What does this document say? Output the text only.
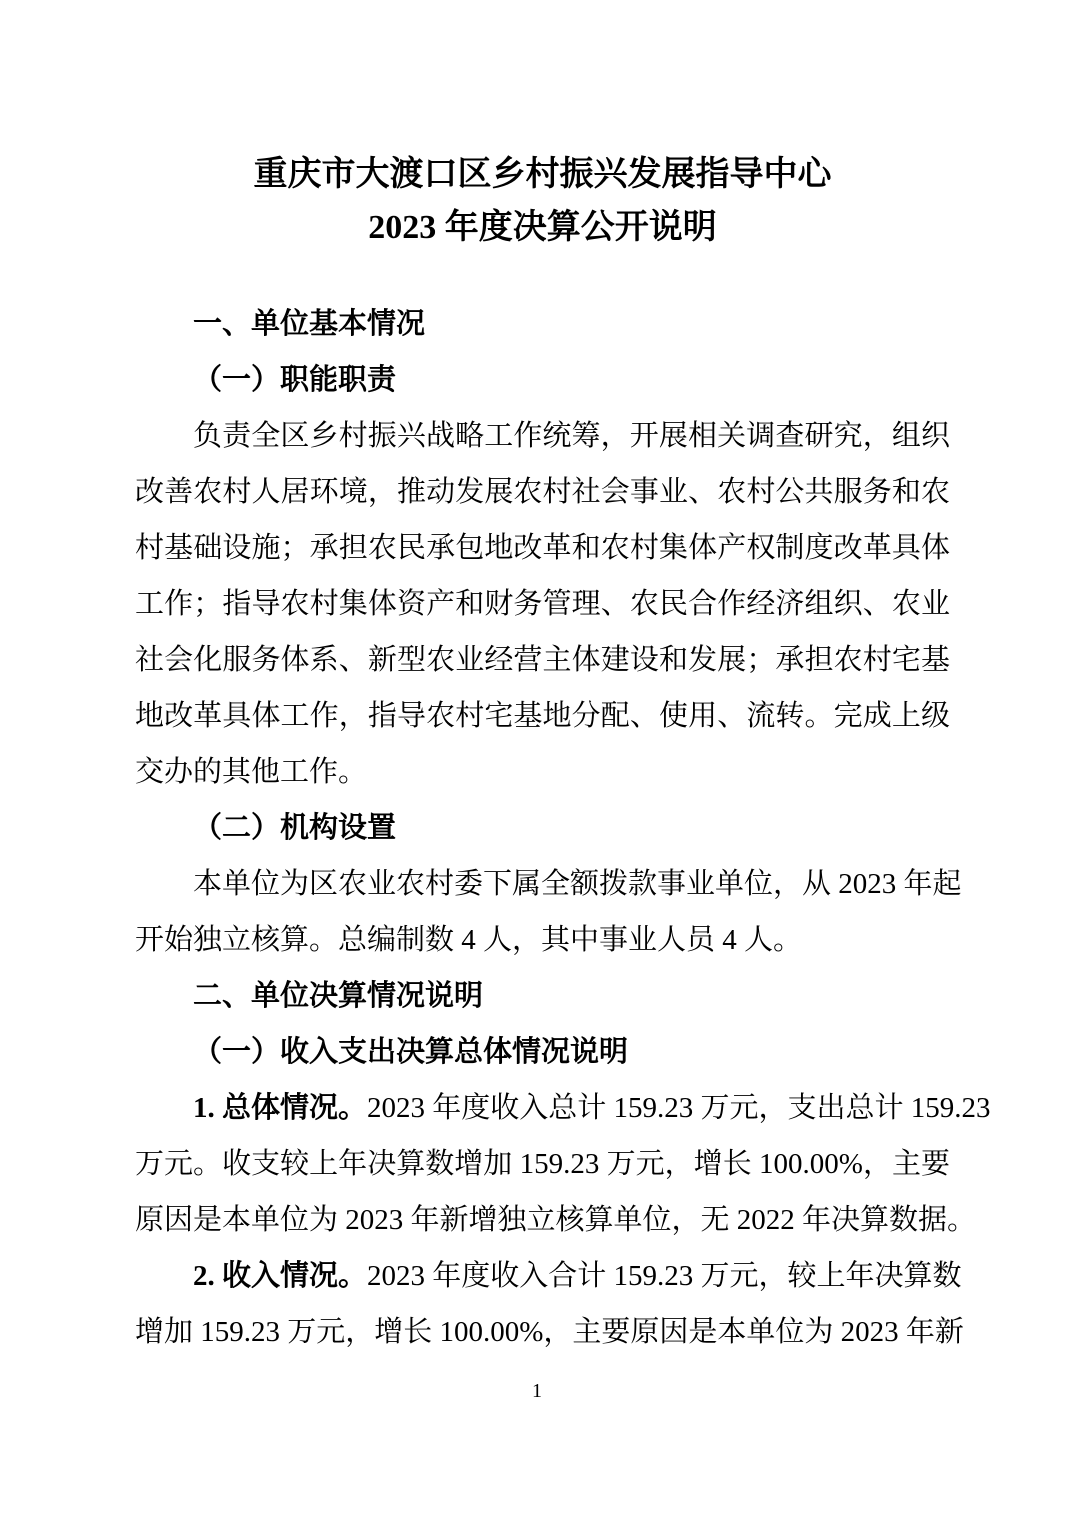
重庆市大渡口区乡村振兴发展指导中心
2023 年度决算公开说明
一、单位基本情况
（一）职能职责
负责全区乡村振兴战略工作统筹，开展相关调查研究，组织
改善农村人居环境，推动发展农村社会事业、农村公共服务和农
村基础设施；承担农民承包地改革和农村集体产权制度改革具体
工作；指导农村集体资产和财务管理、农民合作经济组织、农业
社会化服务体系、新型农业经营主体建设和发展；承担农村宅基
地改革具体工作，指导农村宅基地分配、使用、流转。完成上级
交办的其他工作。
（二）机构设置
本单位为区农业农村委下属全额拨款事业单位，从 2023 年起
开始独立核算。总编制数 4 人，其中事业人员 4 人。
二、单位决算情况说明
（一）收入支出决算总体情况说明
1. 总体情况。2023 年度收入总计 159.23 万元，支出总计 159.23
万元。收支较上年决算数增加 159.23 万元，增长 100.00%，主要
原因是本单位为 2023 年新增独立核算单位，无 2022 年决算数据。
2. 收入情况。2023 年度收入合计 159.23 万元，较上年决算数
增加 159.23 万元，增长 100.00%，主要原因是本单位为 2023 年新
1
